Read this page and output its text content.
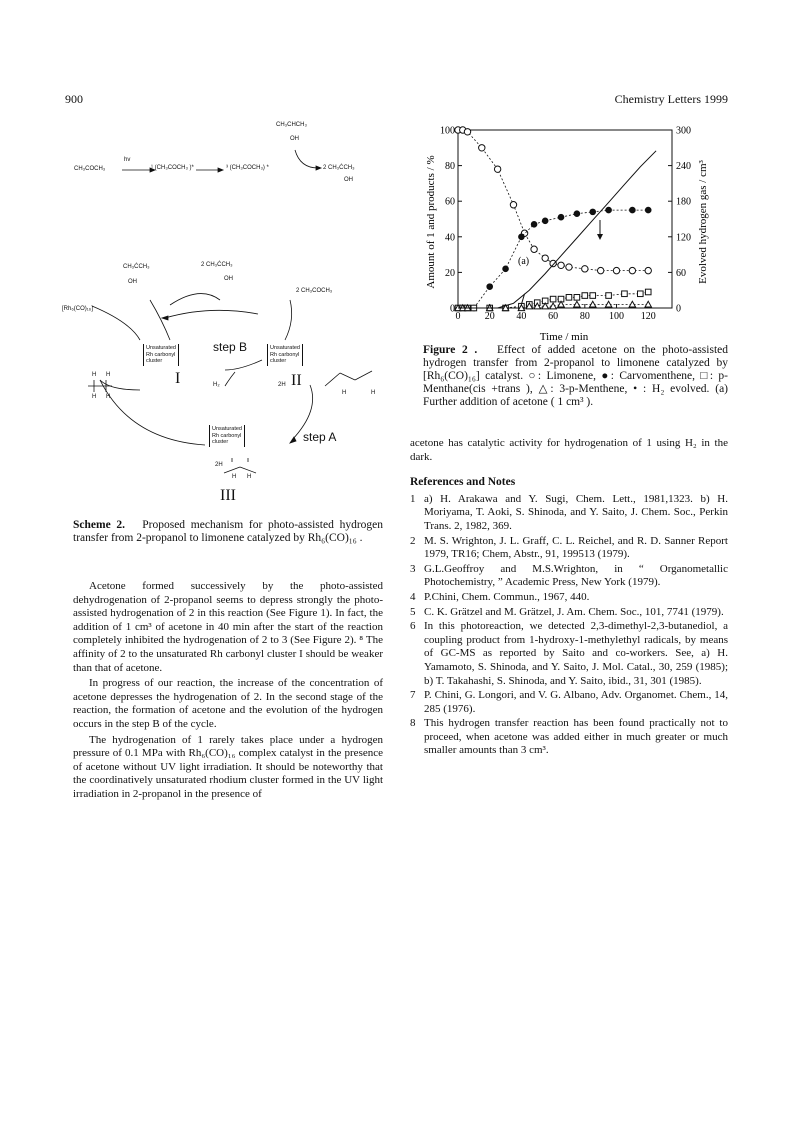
900	Chemistry Letters 1999
hv
CH₃COCH₃	¹ (CH₃COCH₃ )*	³ (CH₃COCH₃) *
CH₃CHCH₃
OH
2 CH₃ĊCH₃
OH
CH₃ĊCH₃
OH
2 CH₃ĊCH₃
OH
2 CH₃COCH₃
[Rh₆(CO)₁₆]
Unsaturated
Rh carbonyl
cluster
step B	Unsaturated
Rh carbonyl
cluster
I	H₂	2H II
H H
H H
H	H
Unsaturated
Rh carbonyl
cluster	step A
2H
H H
III
Scheme 2. Proposed mechanism for photo-assisted hydrogen transfer from 2-propanol to limonene catalyzed by Rh₆(CO)₁₆ .

Acetone formed successively by the photo-assisted dehydrogenation of 2-propanol seems to depress strongly the photo-assisted hydrogenation of 2 in this reaction (See Figure 1). In fact, the addition of 1 cm³ of acetone in 40 min after the start of the reaction completely inhibited the hydrogenation of 2 to 3 (See Figure 2). ⁸ The affinity of 2 to the unsaturated Rh carbonyl cluster I should be weaker than that of acetone.

In progress of our reaction, the increase of the concentration of acetone depresses the hydrogenation of 2. In the second stage of the reaction, the formation of acetone and the evolution of the hydrogen occurs in the step B of the cycle.

The hydrogenation of 1 rarely takes place under a hydrogen pressure of 0.1 MPa with Rh₆(CO)₁₆ complex catalyst in the presence of acetone without UV light irradiation. It should be noteworthy that the coordinatively unsaturated rhodium cluster formed in the UV light irradiation in 2-propanol in the presence of

0 20 40 60 80 100 120
0
20
40
60
80
100
0
60
120
180
240
300
Time / min
Amount of 1 and products / %	Evolved hydrogen gas / cm³
(a)
Figure 2 . Effect of added acetone on the photo-assisted hydrogen transfer from 2-propanol to limonene catalyzed by [Rh₆(CO)₁₆] catalyst. ○: Limonene, ●: Carvomenthene, □: p-Menthane(cis +trans ), △: 3-p-Menthene, • : H₂ evolved. (a) Further addition of acetone ( 1 cm³ ).

acetone has catalytic activity for hydrogenation of 1 using H₂ in the dark.

References and Notes
1 a) H. Arakawa and Y. Sugi, Chem. Lett., 1981,1323. b) H. Moriyama, T. Aoki, S. Shinoda, and Y. Saito, J. Chem. Soc., Perkin Trans. 2, 1982, 369.
2 M. S. Wrighton, J. L. Graff, C. L. Reichel, and R. D. Sanner Report 1979, TR16; Chem, Abstr., 91, 199513 (1979).
3 G.L.Geoffroy and M.S.Wrighton, in “ Organometallic Photochemistry, ” Academic Press, New York (1979).
4 P.Chini, Chem. Commun., 1967, 440.
5 C. K. Grätzel and M. Grätzel, J. Am. Chem. Soc., 101, 7741 (1979).
6 In this photoreaction, we detected 2,3-dimethyl-2,3-butanediol, a coupling product from 1-hydroxy-1-methylethyl radicals, by means of GC-MS as reported by Saito and co-workers. See, a) H. Yamamoto, S. Shinoda, and Y. Saito, J. Mol. Catal., 30, 259 (1985); b) T. Takahashi, S. Shinoda, and Y. Saito, ibid., 31, 301 (1985).
7 P. Chini, G. Longori, and V. G. Albano, Adv. Organomet. Chem., 14, 285 (1976).
8 This hydrogen transfer reaction has been found practically not to proceed, when acetone was added either in much greater or much smaller amounts than 3 cm³.
